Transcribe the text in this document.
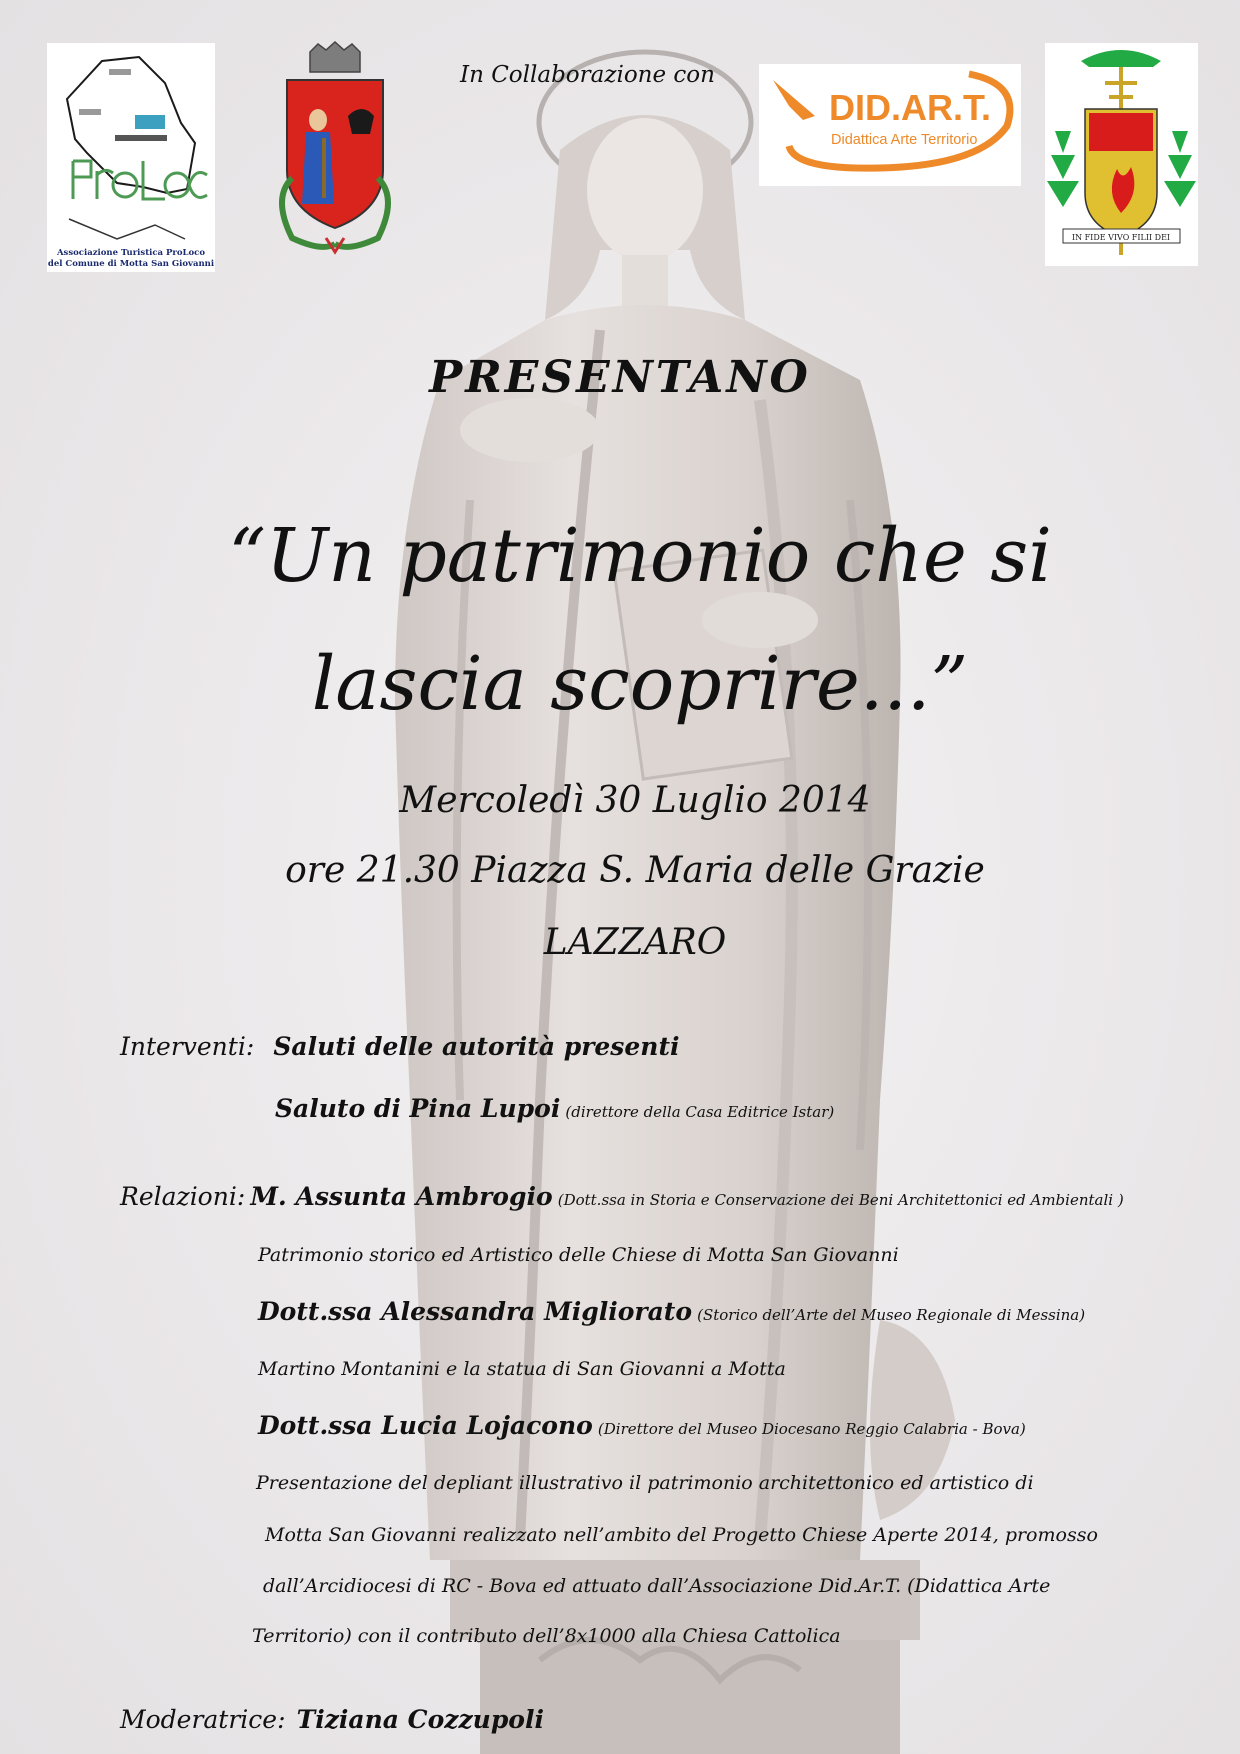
Associazione Turistica ProLoco
del Comune di Motta San Giovanni
In Collaborazione con
DID.AR.T.
Didattica Arte Territorio
IN FIDE VIVO FILII DEI
PRESENTANO
“Un patrimonio che si
lascia scoprire...”
Mercoledì 30 Luglio 2014
ore 21.30 Piazza S. Maria delle Grazie
LAZZARO
Interventi: Saluti delle autorità presenti
Saluto di Pina Lupoi (direttore della Casa Editrice Istar)
Relazioni: M. Assunta Ambrogio (Dott.ssa in Storia e Conservazione dei Beni Architettonici ed Ambientali )
Patrimonio storico ed Artistico delle Chiese di Motta San Giovanni
Dott.ssa Alessandra Migliorato (Storico dell’Arte del Museo Regionale di Messina)
Martino Montanini e la statua di San Giovanni a Motta
Dott.ssa Lucia Lojacono (Direttore del Museo Diocesano Reggio Calabria - Bova)
Presentazione del depliant illustrativo il patrimonio architettonico ed artistico di
Motta San Giovanni realizzato nell’ambito del Progetto Chiese Aperte 2014, promosso
dall’Arcidiocesi di RC - Bova ed attuato dall’Associazione Did.Ar.T. (Didattica Arte
Territorio) con il contributo dell’8x1000 alla Chiesa Cattolica
Moderatrice: Tiziana Cozzupoli
